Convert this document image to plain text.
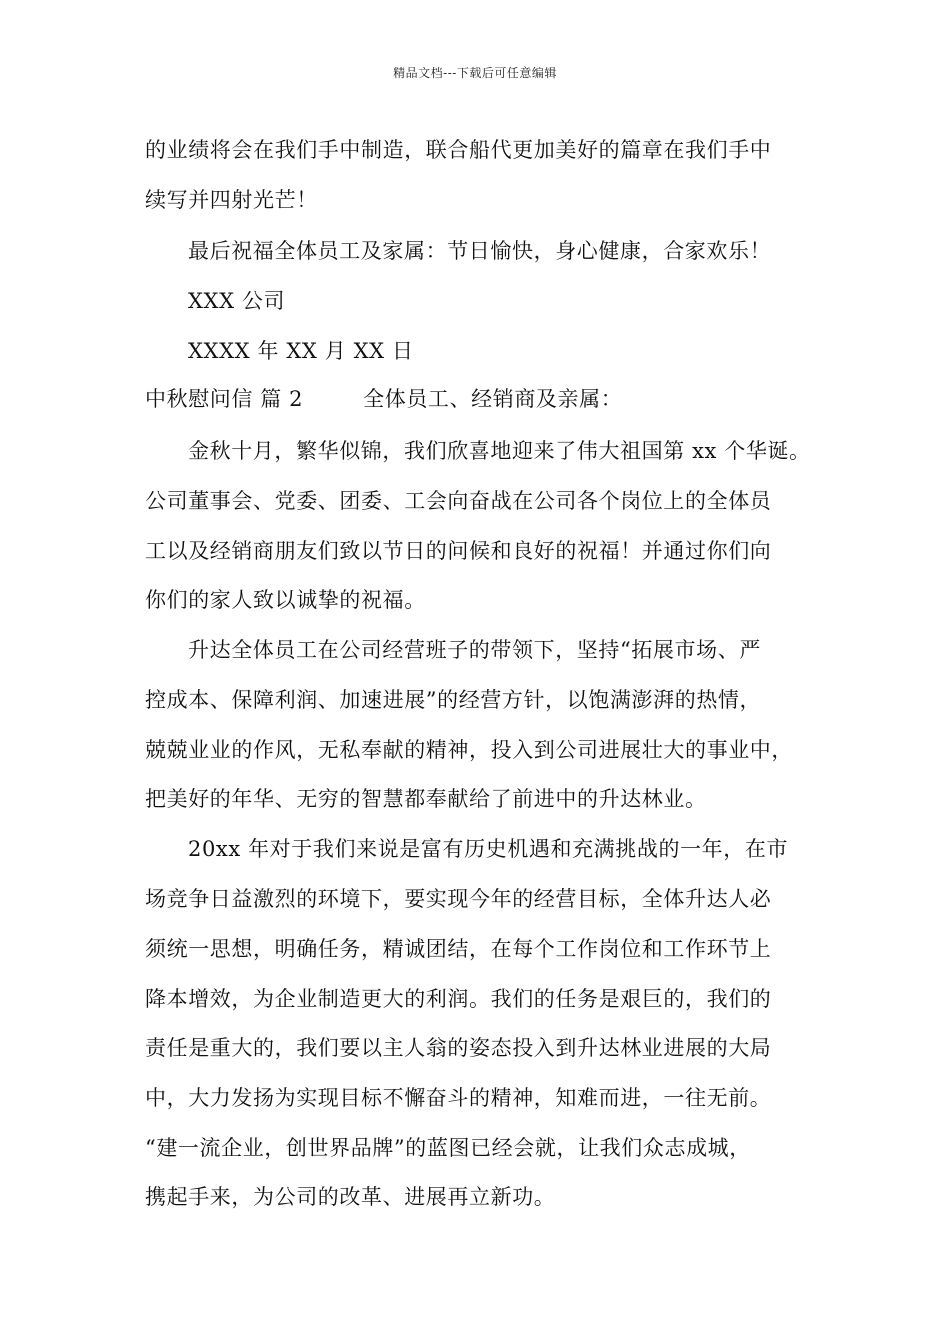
精品文档---下载后可任意编辑
的业绩将会在我们手中制造，联合船代更加美好的篇章在我们手中
续写并四射光芒！
最后祝福全体员工及家属：节日愉快，身心健康，合家欢乐！
XXX 公司
XXXX 年 XX 月 XX 日
中秋慰问信 篇 2	全体员工、经销商及亲属：
金秋十月，繁华似锦，我们欣喜地迎来了伟大祖国第 xx 个华诞。
公司董事会、党委、团委、工会向奋战在公司各个岗位上的全体员
工以及经销商朋友们致以节日的问候和良好的祝福！并通过你们向
你们的家人致以诚挚的祝福。
升达全体员工在公司经营班子的带领下，坚持“拓展市场、严
控成本、保障利润、加速进展”的经营方针，以饱满澎湃的热情，
兢兢业业的作风，无私奉献的精神，投入到公司进展壮大的事业中，
把美好的年华、无穷的智慧都奉献给了前进中的升达林业。
20xx 年对于我们来说是富有历史机遇和充满挑战的一年，在市
场竞争日益激烈的环境下，要实现今年的经营目标，全体升达人必
须统一思想，明确任务，精诚团结，在每个工作岗位和工作环节上
降本增效，为企业制造更大的利润。我们的任务是艰巨的，我们的
责任是重大的，我们要以主人翁的姿态投入到升达林业进展的大局
中，大力发扬为实现目标不懈奋斗的精神，知难而进，一往无前。
“建一流企业，创世界品牌”的蓝图已经会就，让我们众志成城，
携起手来，为公司的改革、进展再立新功。
